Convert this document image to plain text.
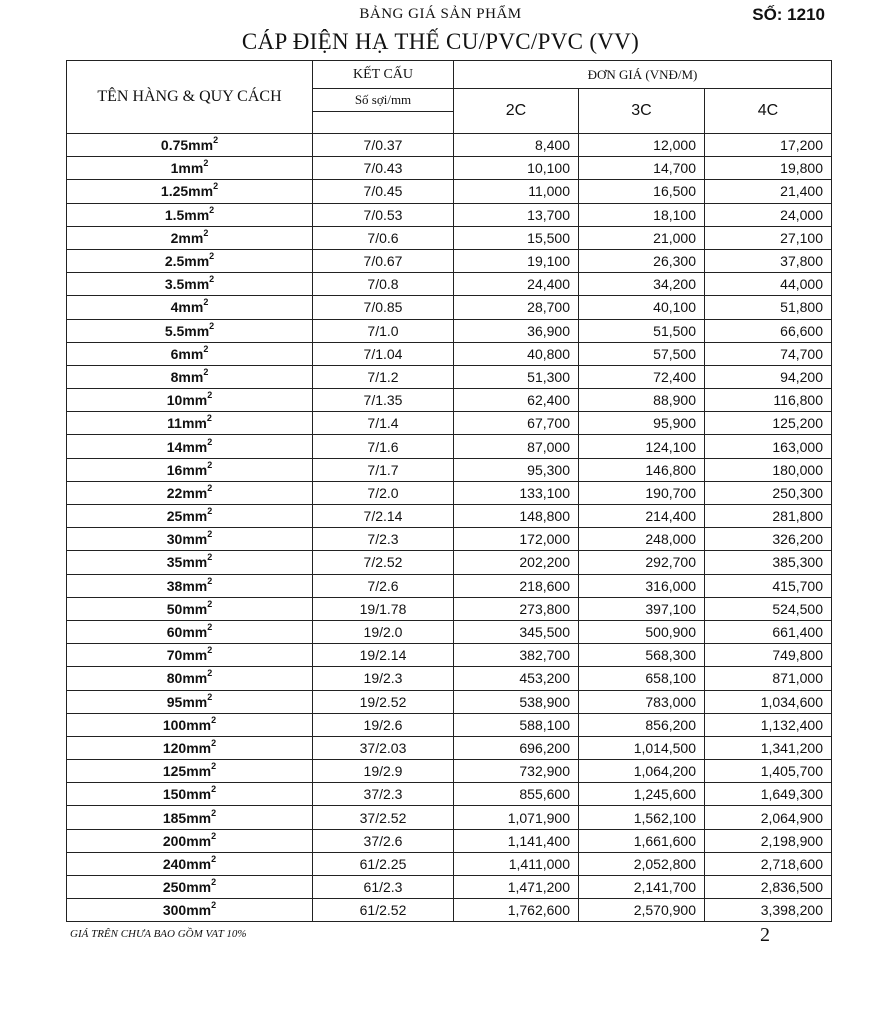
BẢNG GIÁ SẢN PHẨM	SỐ: 1210
CÁP ĐIỆN HẠ THẾ CU/PVC/PVC (VV)
TÊN HÀNG & QUY CÁCH	KẾT CẤU	ĐƠN GIÁ (VNĐ/M)		
	Số sợi/mm	2C	3C	4C

$0.75mm^2$	7/0.37	8,400	12,000	17,200
$1mm^2$	7/0.43	10,100	14,700	19,800
$1.25mm^2$	7/0.45	11,000	16,500	21,400
$1.5mm^2$	7/0.53	13,700	18,100	24,000
$2mm^2$	7/0.6	15,500	21,000	27,100
$2.5mm^2$	7/0.67	19,100	26,300	37,800
$3.5mm^2$	7/0.8	24,400	34,200	44,000
$4mm^2$	7/0.85	28,700	40,100	51,800
$5.5mm^2$	7/1.0	36,900	51,500	66,600
$6mm^2$	7/1.04	40,800	57,500	74,700
$8mm^2$	7/1.2	51,300	72,400	94,200
$10mm^2$	7/1.35	62,400	88,900	116,800
$11mm^2$	7/1.4	67,700	95,900	125,200
$14mm^2$	7/1.6	87,000	124,100	163,000
$16mm^2$	7/1.7	95,300	146,800	180,000
$22mm^2$	7/2.0	133,100	190,700	250,300
$25mm^2$	7/2.14	148,800	214,400	281,800
$30mm^2$	7/2.3	172,000	248,000	326,200
$35mm^2$	7/2.52	202,200	292,700	385,300
$38mm^2$	7/2.6	218,600	316,000	415,700
$50mm^2$	19/1.78	273,800	397,100	524,500
$60mm^2$	19/2.0	345,500	500,900	661,400
$70mm^2$	19/2.14	382,700	568,300	749,800
$80mm^2$	19/2.3	453,200	658,100	871,000
$95mm^2$	19/2.52	538,900	783,000	1,034,600
$100mm^2$	19/2.6	588,100	856,200	1,132,400
$120mm^2$	37/2.03	696,200	1,014,500	1,341,200
$125mm^2$	19/2.9	732,900	1,064,200	1,405,700
$150mm^2$	37/2.3	855,600	1,245,600	1,649,300
$185mm^2$	37/2.52	1,071,900	1,562,100	2,064,900
$200mm^2$	37/2.6	1,141,400	1,661,600	2,198,900
$240mm^2$	61/2.25	1,411,000	2,052,800	2,718,600
$250mm^2$	61/2.3	1,471,200	2,141,700	2,836,500
$300mm^2$	61/2.52	1,762,600	2,570,900	3,398,200
GIÁ TRÊN CHƯA BAO GỒM VAT 10%	2
